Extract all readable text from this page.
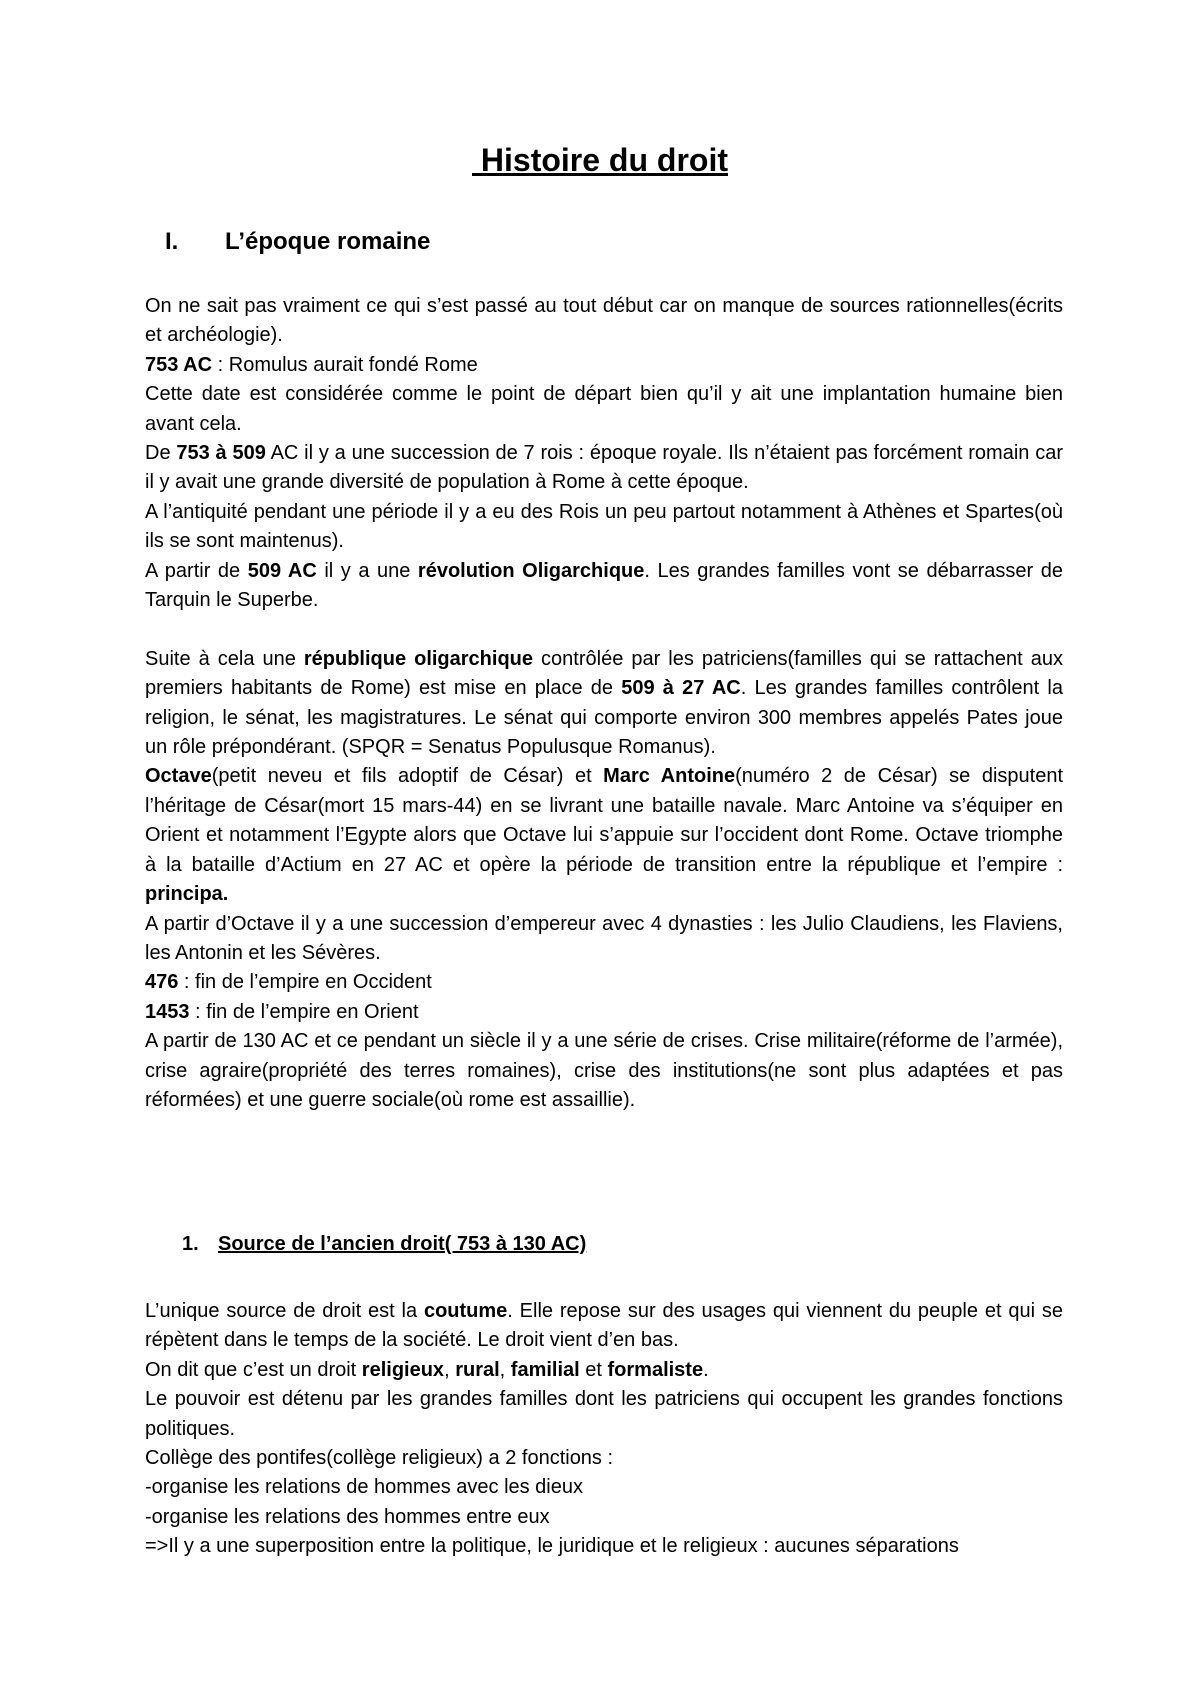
Histoire du droit
I. L’époque romaine

On ne sait pas vraiment ce qui s’est passé au tout début car on manque de sources rationnelles(écrits et archéologie).

753 AC : Romulus aurait fondé Rome

Cette date est considérée comme le point de départ bien qu’il y ait une implantation humaine bien avant cela.

De 753 à 509 AC il y a une succession de 7 rois : époque royale. Ils n’étaient pas forcément romain car il y avait une grande diversité de population à Rome à cette époque.

A l’antiquité pendant une période il y a eu des Rois un peu partout notamment à Athènes et Spartes(où ils se sont maintenus).

A partir de 509 AC il y a une révolution Oligarchique. Les grandes familles vont se débarrasser de Tarquin le Superbe.

Suite à cela une république oligarchique contrôlée par les patriciens(familles qui se rattachent aux premiers habitants de Rome) est mise en place de 509 à 27 AC. Les grandes familles contrôlent la religion, le sénat, les magistratures. Le sénat qui comporte environ 300 membres appelés Pates joue un rôle prépondérant. (SPQR = Senatus Populusque Romanus).

Octave(petit neveu et fils adoptif de César) et Marc Antoine(numéro 2 de César) se disputent l’héritage de César(mort 15 mars-44) en se livrant une bataille navale. Marc Antoine va s’équiper en Orient et notamment l’Egypte alors que Octave lui s’appuie sur l’occident dont Rome. Octave triomphe à la bataille d’Actium en 27 AC et opère la période de transition entre la république et l’empire : principa.

A partir d’Octave il y a une succession d’empereur avec 4 dynasties : les Julio Claudiens, les Flaviens, les Antonin et les Sévères.

476 : fin de l’empire en Occident

1453 : fin de l’empire en Orient

A partir de 130 AC et ce pendant un siècle il y a une série de crises. Crise militaire(réforme de l’armée), crise agraire(propriété des terres romaines), crise des institutions(ne sont plus adaptées et pas réformées) et une guerre sociale(où rome est assaillie).

1. Source de l’ancien droit( 753 à 130 AC)

L’unique source de droit est la coutume. Elle repose sur des usages qui viennent du peuple et qui se répètent dans le temps de la société. Le droit vient d’en bas.

On dit que c’est un droit religieux, rural, familial et formaliste.

Le pouvoir est détenu par les grandes familles dont les patriciens qui occupent les grandes fonctions politiques.

Collège des pontifes(collège religieux) a 2 fonctions :

-organise les relations de hommes avec les dieux

-organise les relations des hommes entre eux

=>Il y a une superposition entre la politique, le juridique et le religieux : aucunes séparations
